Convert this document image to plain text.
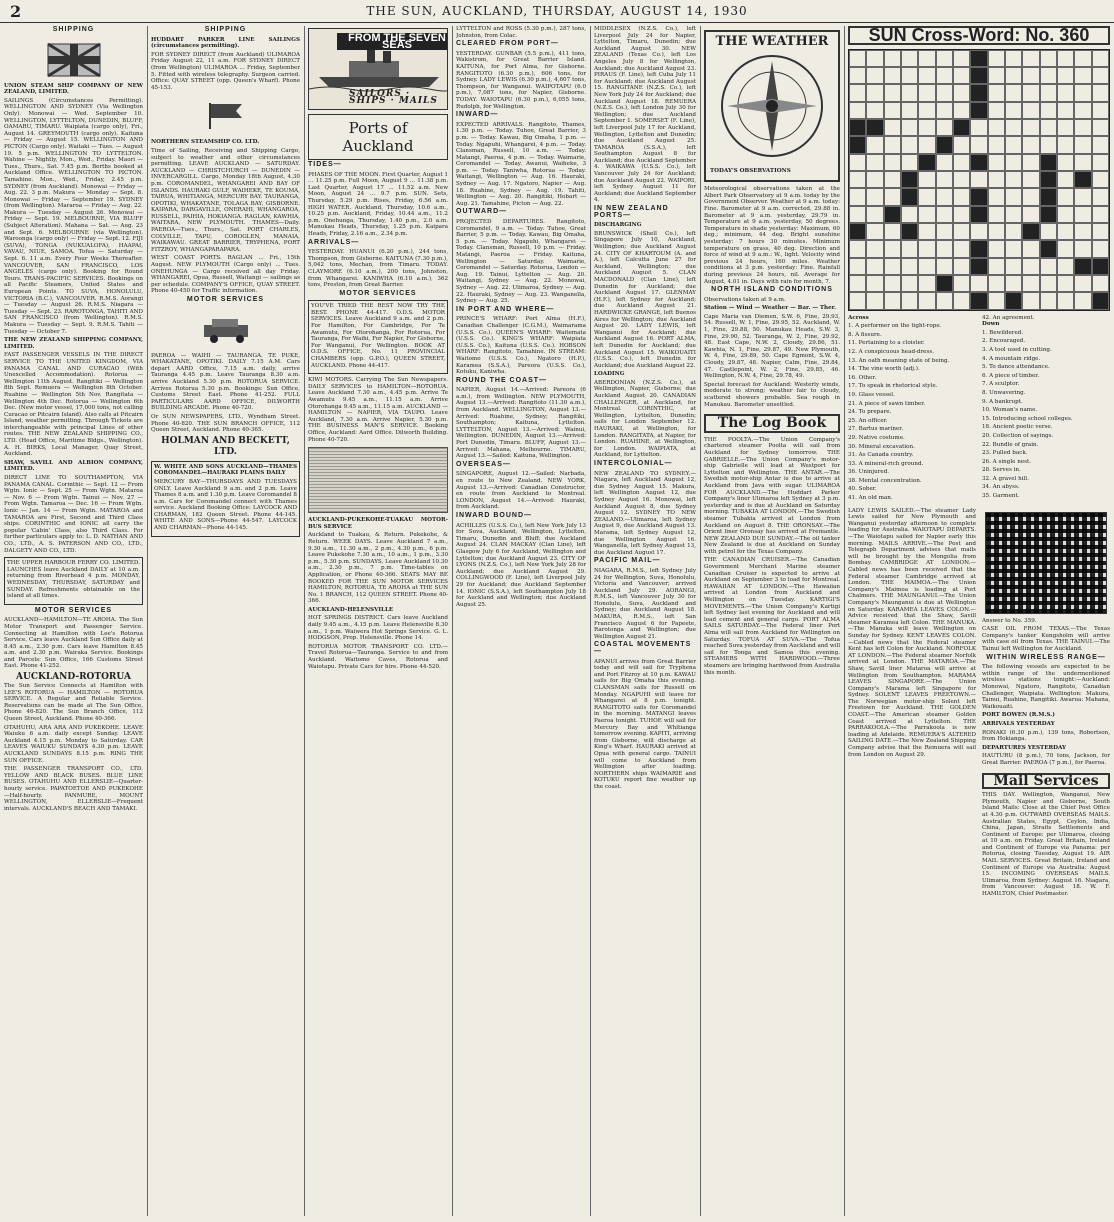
2	THE SUN, AUCKLAND, THURSDAY, AUGUST 14, 1930
SHIPPING

UNION STEAM SHIP COMPANY OF NEW ZEALAND, LIMITED.

SAILINGS (Circumstances Permitting). WELLINGTON AND SYDNEY (Via Wellington Only). Monowai — Wed. September 10. WELLINGTON, LYTTELTON, DUNEDIN, BLUFF, OAMARU, TIMARU. Waipiata (cargo only), Fri., August 14. GREYMOUTH (cargo only). Kaituna — Friday — August 15. WELLINGTON AND PICTON (Cargo only). Waitaki — Tues. — August 19. 5 p.m. WELLINGTON TO LYTTELTON. Wahine — Nightly, Mon., Wed., Friday. Maori — Tues., Thurs., Sat. 7.45 p.m. Berths booked at Auckland Office. WELLINGTON TO PICTON. Tamahine. Mon., Wed., Friday, 2.45 p.m. SYDNEY (from Auckland). Monowai — Friday — Aug. 22. 3 p.m. Makura — Monday — Sept. 8. Monowai — Friday — September 19. SYDNEY (from Wellington). Mararoa — Friday — Aug. 22. Makura — Tuesday — August 26. Monowai — Friday — Sept. 19. MELBOURNE, VIA BLUFF (Subject Alteration). Mahana — Sat. — Aug. 23 and Sept. 6. MELBOURNE (via Wellington). Waroonga (cargo only) — Friday — Sept. 12. FIJI (SUVA), TONGA (NUKUALOFA), HAAPAI, VAVAU, NIUE, SAMOA. Tofua — Saturday — Sept. 6. 11 a.m. Every Four Weeks Thereafter. VANCOUVER, SAN FRANCISCO, LOS ANGELES (cargo only). Booking for Round Tours. TRANS-PACIFIC SERVICES. Bookings on all Pacific Steamers, United States and European Points. TO SUVA, HONOLULU, VICTORIA (B.C.), VANCOUVER. R.M.S. Aorangi — Tuesday — August 26. R.M.S. Niagara — Tuesday — Sept. 23. RAROTONGA, TAHITI AND SAN FRANCISCO (from Wellington). R.M.S. Makura — Tuesday — Sept. 9. R.M.S. Tahiti — Tuesday — October 7.

THE NEW ZEALAND SHIPPING COMPANY, LIMITED.

FAST PASSENGER VESSELS IN THE DIRECT SERVICE TO THE UNITED KINGDOM, VIA PANAMA CANAL AND CURACAO (With Unexcelled Accommodation). Rotorua — Wellington 11th August. Rangitiki — Wellington 8th Sept. Remuera — Wellington 8th October. Ruahine — Wellington 5th Nov. Rangitata — Wellington 4th Dec. Rotorua — Wellington 6th Dec. (New motor vessel, 17,000 tons, not calling Curacao or Pitcairn Island). Also calls at Pitcairn Island, weather permitting. Through Tickets are interchangeable with principal Lines of other routes. THE NEW ZEALAND SHIPPING CO., LTD. (Head Office, Maritime Bldgs., Wellington). A. H. BIRKS, Local Manager, Quay Street, Auckland.

SHAW, SAVILL AND ALBION COMPANY, LIMITED.

DIRECT LINE TO SOUTHAMPTON, VIA PANAMA CANAL. Corinthic — Sept. 12 — From Wgtn. Ionic — Sept. 25 — From Wgtn. Mataroa — Nov. 6 — From Wgtn. Tainui — Nov. 27 — From Wgtn. Tamaroa — Dec. 16 — From Wgtn. Ionic — Jan. 14 — From Wgtn. MATAROA and TAMAROA are First, Second and Third Class ships. CORINTHIC and IONIC all carry the popular 'Cabin' Class, also Third Class. For further particulars apply to: L. D. NATHAN AND CO., LTD., A. S. PATERSON AND CO., LTD., DALGETY AND CO., LTD.

THE UPPER HARBOUR FERRY CO. LIMITED. LAUNCHES leave Auckland DAILY at 10 a.m. returning from Riverhead 4 p.m. MONDAY, WEDNESDAY, THURSDAY, SATURDAY and SUNDAY. Refreshments obtainable on the island at all times.

MOTOR SERVICES

AUCKLAND—HAMILTON—TE AROHA. The Sun Motor Transport and Passenger Service. Connecting at Hamilton with Lee's Rotorua Service. Cars leave Auckland Sun Office daily at 8.45 a.m., 2.30 p.m. Cars leave Hamilton 8.45 a.m. and 2.30 p.m. Wairaka Service. Bookings and Parcels: Sun Office, 166 Customs Street East. Phone 41-252.

AUCKLAND-ROTORUA

The Sun Service Connects at Hamilton with LEE'S ROTORUA — HAMILTON — ROTORUA SERVICE. A Regular and Reliable Service. Reservations can be made at The Sun Office, Phone 46-820. The Sun Branch Office, 112 Queen Street, Auckland. Phone 40-366.

OTAHUHU, ARA ARA AND PUKEKOHE. LEAVE Waiuku 6 a.m. daily except Sunday. LEAVE Auckland 4.15 p.m. Monday to Saturday. CAR LEAVES WAIUKU SUNDAYS 4.30 p.m. LEAVE AUCKLAND SUNDAYS 8.15 p.m. RING THE SUN OFFICE.

THE PASSENGER TRANSPORT CO., LTD. YELLOW AND BLACK BUSES. BLUE LINE BUSES. OTAHUHU AND ELLERSLIE—Quarter-hourly service. PAPATOETOE AND PUKEKOHE—Half-hourly. PANMURE, MOUNT WELLINGTON, ELLERSLIE—Frequent intervals. AUCKLAND'S BEACH AND TAMAKI.

SHIPPING

HUDDART PARKER LINE SAILINGS (circumstances permitting).

FOR SYDNEY DIRECT (from Auckland) ULIMAROA Friday August 22, 11 a.m. FOR SYDNEY DIRECT (from Wellington) ULIMAROA ... Friday, September 5. Fitted with wireless telegraphy. Surgeon carried. Office: QUAY STREET (opp. Queen's Wharf). Phone 45-153.

NORTHERN STEAMSHIP CO. LTD.

Time of Sailing, Receiving and Shipping Cargo, subject to weather and other circumstances permitting. LEAVE AUCKLAND — SATURDAY. AUCKLAND — CHRISTCHURCH — DUNEDIN — INVERCARGILL. Cargo, Monday 18th August, 4.30 p.m. COROMANDEL, WHANGAREI AND BAY OF ISLANDS. HAURAKI GULF, WAIHEKE, TE KOUMA, TAIRUA, WHITIANGA, MERCURY BAY. TAURANGA, OPOTIKI, WHAKATANE, TOLAGA BAY, GISBORNE. KAIPARA, DARGAVILLE, ONERAHI, WHANGAROA, RUSSELL, PAIHIA, HOKIANGA. RAGLAN, KAWHIA, WAITARA, NEW PLYMOUTH. THAMES—Daily. PAEROA—Tues., Thurs., Sat. PORT CHARLES, COLVILLE, TAPU, COROGLEN, MANAIA, WAIKAWAU. GREAT BARRIER, TRYPHENA, PORT FITZROY, WHANGAPARAPARA.

WEST COAST PORTS. RAGLAN ... Fri., 15th August. NEW PLYMOUTH (Cargo only) ... Tues. ONEHUNGA — Cargo received all day Friday. WHANGAREI, Opua, Russell, Waitangi — sailings as per schedule. COMPANY'S OFFICE, QUAY STREET. Phone 40-450 for Traffic information.

MOTOR SERVICES

PAEROA — WAIHI — TAURANGA. TE PUKE, WHAKATANE, OPOTIKI. DAILY 7.15 A.M. Cars depart AARD Office, 7.15 a.m. daily, arrive Tauranga 4.45 p.m. Leave Tauranga 8.30 a.m. arrive Auckland 5.30 p.m. ROTORUA SERVICE. Arrives Rotorua 5.30 p.m. Bookings: Sun Office, Customs Street East. Phone 41-252. FULL PARTICULARS AARD OFFICE, DILWORTH BUILDING ARCADE. Phone 40-720.

Or SUN NEWSPAPERS, LTD., Wyndham Street. Phone 40-820. THE SUN BRANCH OFFICE, 112 Queen Street, Auckland. Phone 40-365.

HOLMAN AND BECKETT, LTD.

W. WHITE AND SONS AUCKLAND—THAMES COROMANDEL—HAURAKI PLAINS DAILY

MERCURY BAY—THURSDAYS AND TUESDAYS ONLY. Leave Auckland 9 a.m. and 2 p.m. Leave Thames 8 a.m. and 1.30 p.m. Leave Coromandel 8 a.m. Cars for Coromandel connect with Thames service. Auckland Booking Office: LAYCOCK AND CHARMAN, 182 Queen Street. Phone 44-145. WHITE AND SONS—Phone 44-547. LAYCOCK AND CHARMAN—Phone 44-145.

FROM THE SEVEN SEAS
SAILORS · SHIPS · MAILS
Ports of Auckland
TIDES—

PHASES OF THE MOON. First Quarter, August 1 ... 11.25 p.m. Full Moon, August 9 ... 11.38 p.m. Last Quarter, August 17 ... 11.52 a.m. New Moon, August 24 ... 9.7 p.m. SUN. Sets, Thursday, 5.29 p.m. Rises, Friday, 6.56 a.m. HIGH WATER. Auckland, Thursday, 10.6 a.m., 10.25 p.m. Auckland, Friday, 10.44 a.m., 11.2 p.m. Onehunga, Thursday, 1.40 p.m., 2.0 a.m. Manukau Heads, Thursday, 1.25 p.m. Kaipara Heads, Friday, 2.16 a.m., 2.34 p.m.

ARRIVALS—

YESTERDAY. HUANUI (6.20 p.m.), 244 tons, Thompson, from Gisborne. KAITUNA (7.30 p.m.), 5,042 tons, Mechan, from Timaru. TODAY. CLAYMORE (6.10 a.m.), 200 tons, Johnston, from Whangarei. KANIWHA (6.10 a.m.), 362 tons, Preston, from Great Barrier.

MOTOR SERVICES

YOU'VE TRIED THE REST NOW TRY THE BEST. PHONE 44-417. O.D.S. MOTOR SERVICES. Leave Auckland 9 a.m. and 2 p.m. For Hamilton, For Cambridge, For Te Awamutu, For Otorohanga, For Rotorua, For Tauranga, For Waihi, For Napier, For Gisborne, For Wanganui, For Wellington. BOOK AT O.D.S. OFFICE, No. 11 PROVINCIAL CHAMBERS (opp. G.P.O.), QUEEN STREET, AUCKLAND. Phone 44-417.

KIWI MOTORS. Carrying The Sun Newspapers. DAILY SERVICES to HAMILTON—ROTORUA. Leave Auckland 7.30 a.m., 4.45 p.m. Arrive Te Awamutu 9.45 a.m., 11.15 a.m. Arrive Otorohanga 9.45 a.m., 11.15 a.m. AUCKLAND — HAMILTON — NAPIER, VIA TAUPO. Leave Auckland, 7.30 a.m. Arrive Napier, 5.30 p.m. THE BUSINESS MAN'S SERVICE. Booking Office, Auckland: Aard Office. Dilworth Building. Phone 40-720.

AUCKLAND-PUKEKOHE-TUAKAU MOTOR-BUS SERVICE

Auckland to Tuakau, & Return. Pukekohe, & Return. WEEK DAYS. Leave Auckland 7 a.m., 9.30 a.m., 11.30 a.m., 2 p.m., 4.30 p.m., 6 p.m. Leave Pukekohe 7.30 a.m., 10 a.m., 1 p.m., 3.30 p.m., 5.30 p.m. SUNDAYS. Leave Auckland 10.30 a.m., 2.30 p.m., 7 p.m. Time-tables on Application, or Phone 40-366. SEATS MAY BE BOOKED FOR THE SUN MOTOR SERVICES HAMILTON, ROTORUA, TE AROHA at THE SUN No. 1 BRANCH, 112 QUEEN STREET. Phone 40-366.

AUCKLAND-HELENSVILLE

HOT SPRINGS DISTRICT. Cars leave Auckland daily 9.45 a.m., 4.15 p.m. Leave Helensville 8.30 a.m., 1 p.m. Waiwera Hot Springs Service. G. L. HODGSON, Prop. Helensville. Phone 14.

ROTORUA MOTOR TRANSPORT CO. LTD.—Travel Rotorua—Tauranga. Service to and from Auckland. Waitomo Caves, Rotorua and Waiotapu. Private Cars for hire. Phone 44-520.

LYTTELTON and ROSS (5.30 p.m.), 287 tons, Johnston, from Colac.

CLEARED FROM PORT—

YESTERDAY. GUNBAR (5.5 p.m.), 411 tons, Wakistrom, for Great Barrier Island. KAITUNA, for Port Alma, for Gisborne. RANGITOTO (6.30 p.m.), 606 tons, for Sydney. LADY LEWIS (6.30 p.m.), 4,607 tons, Thompson, for Wanganui. WAIPOTAPU (6.0 p.m.), 7,087 tons, for Napier, Gisborne. TODAY. WAIOTAPU (6.30 p.m.), 6,055 tons, Rudolph, for Wellington.

INWARD—

EXPECTED ARRIVALS. Rangitoto, Thames, 1.30 p.m. — Today. Tuhoe, Great Barrier, 3 p.m. — Today. Kawau, Big Omaha, 1 p.m. — Today. Ngapuhi, Whangarei, 4 p.m. — Today. Clansman, Russell, 10 a.m. — Today. Matangi, Paeroa, 4 p.m. — Today. Waimarie, Coromandel — Today. Awanui, Waiheke, 3 p.m. — Today. Taniwha, Rotorua — Today. Waitangi, Wellington — Aug. 16. Hauraki, Sydney — Aug. 17. Ngatoro, Napier — Aug. 18. Ruahine, Sydney — Aug. 19. Tahiti, Wellington — Aug. 20. Rangitiki, Hobart — Aug. 21. Tamahine, Picton — Aug. 22.

OUTWARD—

PROJECTED DEPARTURES. Rangitoto, Coromandel, 9 a.m. — Today. Tuhoe, Great Barrier, 5 p.m. — Today. Kawau, Big Omaha, 5 p.m. — Today. Ngapuhi, Whangarei — Today. Clansman, Russell, 10 p.m. — Friday. Matangi, Paeroa — Friday. Kaituna, Wellington — Saturday. Waimarie, Coromandel — Saturday. Rotorua, London — Aug. 19. Tainui, Lyttelton — Aug. 20. Waitangi, Sydney — Aug. 22. Monowai, Sydney — Aug. 22. Ulimaroa, Sydney — Aug. 22. Hauraki, Sydney — Aug. 23. Wanganella, Sydney — Aug. 25.

IN PORT AND WHERE—

PRINCE'S WHARF: Port Alma (H.F.), Canadian Challenger (C.G.M.), Waimarama (U.S.S. Co.). QUEEN'S WHARF: Waitemata (U.S.S. Co.). KING'S WHARF: Waipiata (U.S.S. Co.), Kaituna (U.S.S. Co.). HOBSON WHARF: Rangitoto, Tamahine. IN STREAM: Waitomo (U.S.S. Co.), Ngatoro (H.P.), Karamea (S.S.A.), Pareora (U.S.S. Co.), Kotuku, Kaniwha.

ROUND THE COAST—

NAPIER, August 14.—Arrived: Pareora (6 a.m.), from Wellington. NEW PLYMOUTH, August 13.—Arrived: Rangitoto (11.30 a.m.), from Auckland. WELLINGTON, August 13.—Arrived: Ruahine, Sydney; Rangitiki, Southampton; Kaituna, Lyttelton. LYTTELTON, August 13.—Arrived: Wainui, Wellington. DUNEDIN, August 13.—Arrived: Port Dunedin, Timaru. BLUFF, August 13.—Arrived: Mahana, Melbourne. TIMARU, August 13.—Sailed: Kaituna, Wellington.

OVERSEAS—

SINGAPORE, August 12.—Sailed: Narbada, en route to New Zealand. NEW YORK, August 13.—Arrived: Canadian Constructor, en route from Auckland to Montreal. LONDON, August 14.—Arrived: Hauraki, from Auckland.

INWARD BOUND—

ACHILLES (U.S.S. Co.), left New York July 13 for Suva, Auckland, Wellington, Lyttelton, Timaru, Dunedin and Bluff; due Auckland August 24. CLAN MACKAY (Clan Line), left Glasgow July 6 for Auckland, Wellington and Lyttelton; due Auckland August 23. CITY OF LYONS (N.Z.S. Co.), left New York July 28 for Auckland; due Auckland August 29. COLLINGWOOD (F. Line), left Liverpool July 29 for Auckland; due Auckland September 14. IONIC (S.S.A.), left Southampton July 18 for Auckland and Wellington; due Auckland August 25.

MIDDLESEX (N.Z.S. Co.), left Liverpool July 24 for Napier, Lyttelton, Timaru, Dunedin; due Auckland August 30. NEW ZEALAND (Texas Co.), left Los Angeles July 8 for Wellington, Auckland; due Auckland August 23. PIRAUS (F. Line), left Cuba July 11 for Auckland; due Auckland August 15. RANGITANE (N.Z.S. Co.), left New York July 24 for Auckland; due Auckland August 18. REMUERA (N.Z.S. Co.), left London July 30 for Wellington; due Auckland September 1. SOMERSET (F. Line), left Liverpool July 17 for Auckland, Wellington, Lyttelton and Dunedin; due Auckland August 25. TAMAROA (S.S.A.), left Southampton August 8 for Auckland; due Auckland September 4. WAIKAWA (U.S.S. Co.), left Vancouver July 24 for Auckland; due Auckland August 22. WAIPORI, left Sydney August 11 for Auckland; due Auckland September 4.

IN NEW ZEALAND PORTS—

DISCHARGING

BRUNSWICK (Shell Co.), left Singapore July 10, Auckland, Wellington; due Auckland August 24. CITY OF KHARTOUM (A. and A.), left Calcutta June 27 for Auckland, Wellington; due Auckland August 5. CLAN MACDONALD (Clan Line), left Dunedin for Auckland; due Auckland August 17. GLENMAY (H.F.), left Sydney for Auckland; due Auckland August 21. HARDWICKE GRANGE, left Buenos Aires for Wellington; due Auckland August 20. LADY LEWIS, left Wanganui for Auckland; due Auckland August 16. PORT ALMA, left Dunedin for Auckland; due Auckland August 15. WAIKOUAITI (U.S.S. Co.), left Dunedin for Auckland; due Auckland August 22.

LOADING

ABERDONIAN (N.Z.S. Co.), at Wellington, Napier, Gisborne; due Auckland August 20. CANADIAN CHALLENGER, at Auckland, for Montreal. CORINTHIC, at Wellington, Lyttelton, Dunedin; sails for London September 12. HAURAKI, at Wellington, for London. RANGITATA, at Napier, for London. RUAHINE, at Wellington, for London. WAIPIATA, at Auckland, for Lyttelton.

INTERCOLONIAL—

NEW ZEALAND TO SYDNEY.—Niagara, left Auckland August 12, due Sydney August 15. Makura, left Wellington August 12, due Sydney August 16. Monowai, left Auckland August 8, due Sydney August 12. SYDNEY TO NEW ZEALAND.—Ulimaroa, left Sydney August 9, due Auckland August 13. Marama, left Sydney August 12, due Wellington August 16. Wanganella, left Sydney August 13, due Auckland August 17.

PACIFIC MAIL—

NIAGARA, R.M.S., left Sydney July 24 for Wellington, Suva, Honolulu, Victoria and Vancouver; arrived Auckland July 29. AORANGI, R.M.S., left Vancouver July 30 for Honolulu, Suva, Auckland and Sydney; due Auckland August 18. MAKURA, R.M.S., left San Francisco August 6 for Papeete, Rarotonga and Wellington; due Wellington August 21.

COASTAL MOVEMENTS—

APANUI arrives from Great Barrier today and will sail for Tryphena and Port Fitzroy at 10 p.m. KAWAU sails for Big Omaha this evening. CLANSMAN sails for Russell on Monday. NGAPUHI will leave for Whangarei at 8 p.m. tonight. RANGITOTO sails for Coromandel in the morning. MATANGI leaves Paeroa tonight. TUHOE will sail for Mercury Bay and Whitianga tomorrow evening. KAPITI, arriving from Gisborne, will discharge at King's Wharf. HAURAKI arrived at Opua with general cargo. TAINUI will come to Auckland from Wellington after loading. NORTHERN ships WAIMARIE and KOTUKU report fine weather up the coast.

THE WEATHER

TODAY'S OBSERVATIONS

Meteorological observations taken at the Albert Park Observatory at 9 a.m. today by the Government Observer. Weather at 9 a.m. today: Fine. Barometer at 9 a.m. corrected, 29.88 in. Barometer at 9 a.m. yesterday, 29.79 in. Temperature at 9 a.m. yesterday, 50 degrees. Temperature in shade yesterday: Maximum, 60 deg.; minimum, 44 deg. Bright sunshine yesterday: 7 hours 30 minutes. Minimum temperature on grass, 40 deg. Direction and force of wind at 9 a.m.: W., light. Velocity wind previous 24 hours, 160 miles. Weather conditions at 3 p.m. yesterday: Fine. Rainfall during previous 24 hours, nil. Average for August, 4.01 in. Days with rain for month, 7.

NORTH ISLAND CONDITIONS

Observations taken at 9 a.m.

Station — Wind — Weather — Bar. — Ther.

Cape Maria van Diemen, S.W. 6, Fine, 29.93, 54. Russell, W. 1, Fine, 29.95, 52. Auckland, W. 1, Fine, 29.88, 50. Manukau Heads, S.W. 3, Fine, 29.90, 52. Tauranga, W. 2, Fine, 29.92, 48. East Cape, N.W. 2, Cloudy, 29.86, 51. Kawhia, N. 1, Fine, 29.87, 49. New Plymouth, W. 4, Fine, 29.89, 50. Cape Egmont, S.W. 4, Cloudy, 29.87, 48. Napier, Calm, Fine, 29.84, 47. Castlepoint, W. 2, Fine, 29.85, 46. Wellington, N.W. 4, Fine, 29.78, 49.

Special forecast for Auckland: Westerly winds, moderate to strong; weather fair to cloudy, scattered showers probable. Sea rough in Manukau. Barometer unsettled.

The Log Book

THE POOLTA.—The Union Company's chartered steamer Poolta will sail from Auckland for Sydney tomorrow. THE GABRIELLE.—The Union Company's motor-ship Gabrielle will load at Westport for Lyttelton and Wellington. THE ANTAR.—The Swedish motor-ship Antar is due to arrive at Auckland from Java with sugar. ULIMAROA FOR AUCKLAND.—The Huddart Parker Company's liner Ulimaroa left Sydney at 3 p.m. yesterday and is due at Auckland on Saturday morning. TUBAKIA AT LONDON.—The Swedish steamer Tubakia arrived at London from Auckland on August 8. THE ORONSAY.—The Orient liner Oronsay has arrived at Fremantle. NEW ZEALAND DUE SUNDAY.—The oil tanker New Zealand is due at Auckland on Sunday with petrol for the Texas Company.

THE CANADIAN CRUISER.—The Canadian Government Merchant Marine steamer Canadian Cruiser is expected to arrive at Auckland on September 3 to load for Montreal. HAWAIIAN AT LONDON.—The Hawaiian arrived at London from Auckland and Wellington on Tuesday. KARTIGI'S MOVEMENTS.—The Union Company's Kartigi left Sydney last evening for Auckland and will load cement and general cargo. PORT ALMA SAILS SATURDAY.—The Federal liner Port Alma will sail from Auckland for Wellington on Saturday. TOFUA AT SUVA.—The Tofua reached Suva yesterday from Auckland and will sail for Tonga and Samoa this evening. STEAMERS WITH HARDWOOD.—Three steamers are bringing hardwood from Australia this month.

SUN Cross-Word: No. 360

Across

1. A performer on the tight-rope.

8. A fissure.

11. Pertaining to a cloister.

12. A conspicuous head-dress.

13. An oath meaning state of being.

14. The vine worth (adj.).

16. Other.

17. To speak in rhetorical style.

19. Glass vessel.

21. A piece of sawn timber.

24. To prepare.

25. An officer.

27. Bartus mariner.

29. Native costume.

30. Mineral excavation.

31. As Canada country.

33. A mineral-rich ground.

36. Uninjured.

38. Mental concentration.

40. Sober.

41. An old man.

42. An agreement.

Down

1. Bewildered.

2. Encouraged.

3. A tool used in cutting.

4. A mountain ridge.

5. To dance attendance.

6. A piece of timber.

7. A sculptor.

8. Unwavering.

9. A bankrupt.

10. Woman's name.

15. Introducing school colleges.

18. Ancient poetic verse.

20. Collection of sayings.

22. Bundle of grain.

23. Pulled back.

26. A single nest.

28. Serves in.

32. A gravel hill.

34. An abyss.

35. Garment.

LADY LEWIS SAILED.—The steamer Lady Lewis sailed for New Plymouth and Wanganui yesterday afternoon to complete loading for Australia. WAIOTAPU DEPARTS.—The Waiotapu sailed for Napier early this morning. MAILS ARRIVE.—The Post and Telegraph Department advises that mails will be brought by the Mongolia from Bombay. CAMBRIDGE AT LONDON.—Cabled news has been received that the Federal steamer Cambridge arrived at London. THE MAIMOA.—The Union Company's Maimoa is loading at Port Chalmers. THE MAUNGANUI.—The Union Company's Maunganui is due at Wellington on Saturday. KARAMEA LEAVES COLON.—Advice received that the Shaw, Savill steamer Karamea left Colon. THE MANUKA.—The Manuka will leave Wellington on Sunday for Sydney. KENT LEAVES COLON.—Cabled news that the Federal steamer Kent has left Colon for Auckland. NORFOLK AT LONDON.—The Federal steamer Norfolk arrived at London. THE MATAROA.—The Shaw, Savill liner Mataroa will arrive at Wellington from Southampton. MARAMA LEAVES SINGAPORE.—The Union Company's Marama left Singapore for Sydney. SOLENT LEAVES FREETOWN.—The Norwegian motor-ship Solent left Freetown for Auckland. THE GOLDEN COAST.—The American steamer Golden Coast arrived at Lyttelton. THE PARRAKOOLA.—The Parrakoola is now loading at Adelaide. REMUERA'S ALTERED SAILING DATE.—The New Zealand Shipping Company advise that the Remuera will sail from London on August 29.

Answer to No. 359.

CASE OIL FROM TEXAS.—The Texas Company's tanker Kungsholm will arrive with case oil from Texas. THE TAINUI.—The Tainui left Wellington for Auckland.

WITHIN WIRELESS RANGE—

The following vessels are expected to be within range of the undermentioned wireless stations tonight:—Auckland: Monowai, Ngatoro, Rangitoto, Canadian Challenger, Waipiata. Wellington: Makura, Tainui, Ruahine, Rangitiki. Awarua: Mahana, Waikouaiti.

PORT BOWEN (R.M.S.)

ARRIVALS YESTERDAY

RONAKI (6.30 p.m.), 139 tons, Robertson, from Hokianga.

DEPARTURES YESTERDAY

HAUTURU (8 p.m.), 70 tons, Jackson, for Great Barrier. PAEROA (7 p.m.), for Paeroa.

Mail Services

THIS DAY. Wellington, Wanganui, New Plymouth, Napier and Gisborne, South Island Mails: Close at the Chief Post Office at 4.30 p.m. OUTWARD OVERSEAS MAILS. Australian States, Egypt, Ceylon, India, China, Japan, Straits Settlements and Continent of Europe: per Ulimaroa, closing at 10 a.m. on Friday. Great Britain, Ireland and Continent of Europe via Panama: per Rotorua, closing Tuesday, August 19. AIR MAIL SERVICES. Great Britain, Ireland and Continent of Europe via Australia: August 15. INCOMING OVERSEAS MAILS. Ulimaroa, from Sydney: August 16. Niagara, from Vancouver: August 18. W. F. HAMILTON, Chief Postmaster.
